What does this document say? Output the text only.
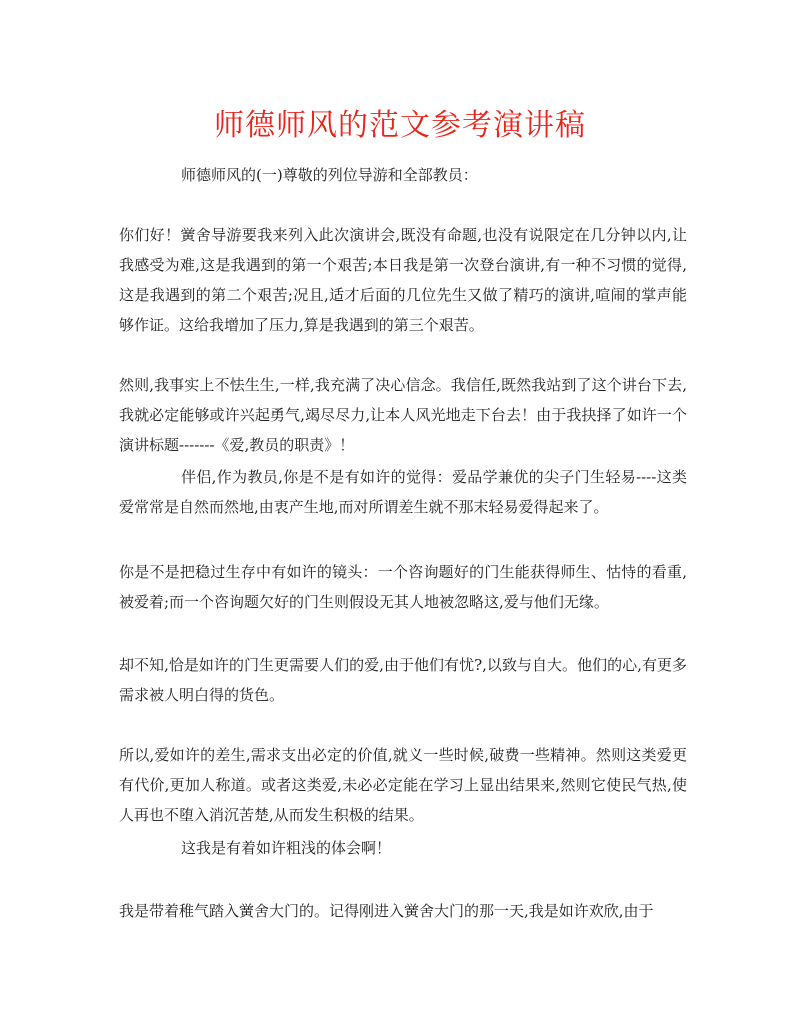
师德师风的范文参考演讲稿

师德师风的(一)尊敬的列位导游和全部教员：

你们好！黉舍导游要我来列入此次演讲会,既没有命题,也没有说限定在几分钟以内,让我感受为难,这是我遇到的第一个艰苦;本日我是第一次登台演讲,有一种不习惯的觉得,这是我遇到的第二个艰苦;况且,适才后面的几位先生又做了精巧的演讲,喧闹的掌声能够作证。这给我增加了压力,算是我遇到的第三个艰苦。

然则,我事实上不怯生生,一样,我充满了决心信念。我信任,既然我站到了这个讲台下去,我就必定能够或许兴起勇气,竭尽尽力,让本人风光地走下台去！由于我抉择了如许一个演讲标题-------《爱,教员的职责》！

伴侣,作为教员,你是不是有如许的觉得：爱品学兼优的尖子门生轻易----这类爱常常是自然而然地,由衷产生地,而对所谓差生就不那末轻易爱得起来了。

你是不是把稳过生存中有如许的镜头：一个咨询题好的门生能获得师生、怙恃的看重,被爱着;而一个咨询题欠好的门生则假设无其人地被忽略这,爱与他们无缘。

却不知,恰是如许的门生更需要人们的爱,由于他们有忧?,以致与自大。他们的心,有更多需求被人明白得的货色。

所以,爱如许的差生,需求支出必定的价值,就义一些时候,破费一些精神。然则这类爱更有代价,更加人称道。或者这类爱,未必必定能在学习上显出结果来,然则它使民气热,使人再也不堕入消沉苦楚,从而发生积极的结果。

这我是有着如许粗浅的体会啊！

我是带着稚气踏入黉舍大门的。记得刚进入黉舍大门的那一天,我是如许欢欣,由于
